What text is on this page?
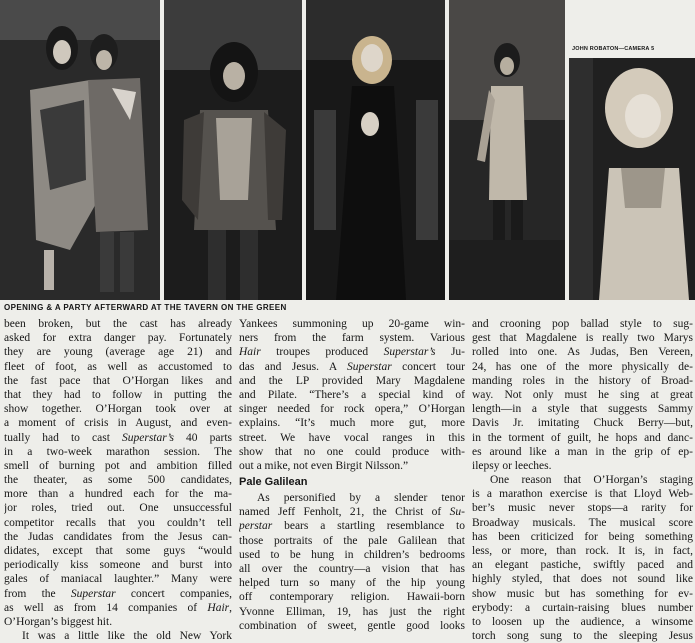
JOHN ROBATON—CAMERA 5
OPENING & A PARTY AFTERWARD AT THE TAVERN ON THE GREEN
been broken, but the cast has already
asked for extra danger pay. Fortunately
they are young (average age 21) and
fleet of foot, as well as accustomed to
the fast pace that O’Horgan likes and
that they had to follow in putting the
show together. O’Horgan took over at
a moment of crisis in August, and even-
tually had to cast Superstar’s 40 parts
in a two-week marathon session. The
smell of burning pot and ambition filled
the theater, as some 500 candidates,
more than a hundred each for the ma-
jor roles, tried out. One unsuccessful
competitor recalls that you couldn’t tell
the Judas candidates from the Jesus can-
didates, except that some guys “would
periodically kiss someone and burst into
gales of maniacal laughter.” Many were
from the Superstar concert companies,
as well as from 14 companies of Hair,
O’Horgan’s biggest hit.
It was a little like the old New York
Yankees summoning up 20-game win-
ners from the farm system. Various
Hair troupes produced Superstar’s Ju-
das and Jesus. A Superstar concert tour
and the LP provided Mary Magdalene
and Pilate. “There’s a special kind of
singer needed for rock opera,” O’Horgan
explains. “It’s much more gut, more
street. We have vocal ranges in this
show that no one could produce with-
out a mike, not even Birgit Nilsson.”
Pale Galilean
As personified by a slender tenor
named Jeff Fenholt, 21, the Christ of Su-
perstar bears a startling resemblance to
those portraits of the pale Galilean that
used to be hung in children’s bedrooms
all over the country—a vision that has
helped turn so many of the hip young
off contemporary religion. Hawaii-born
Yvonne Elliman, 19, has just the right
combination of sweet, gentle good looks
and crooning pop ballad style to sug-
gest that Magdalene is really two Marys
rolled into one. As Judas, Ben Vereen,
24, has one of the more physically de-
manding roles in the history of Broad-
way. Not only must he sing at great
length—in a style that suggests Sammy
Davis Jr. imitating Chuck Berry—but,
in the torment of guilt, he hops and danc-
es around like a man in the grip of ep-
ilepsy or leeches.
One reason that O’Horgan’s staging
is a marathon exercise is that Lloyd Web-
ber’s music never stops—a rarity for
Broadway musicals. The musical score
has been criticized for being something
less, or more, than rock. It is, in fact,
an elegant pastiche, swiftly paced and
highly styled, that does not sound like
show music but has something for ev-
erybody: a curtain-raising blues number
to loosen up the audience, a winsome
torch song sung to the sleeping Jesus
